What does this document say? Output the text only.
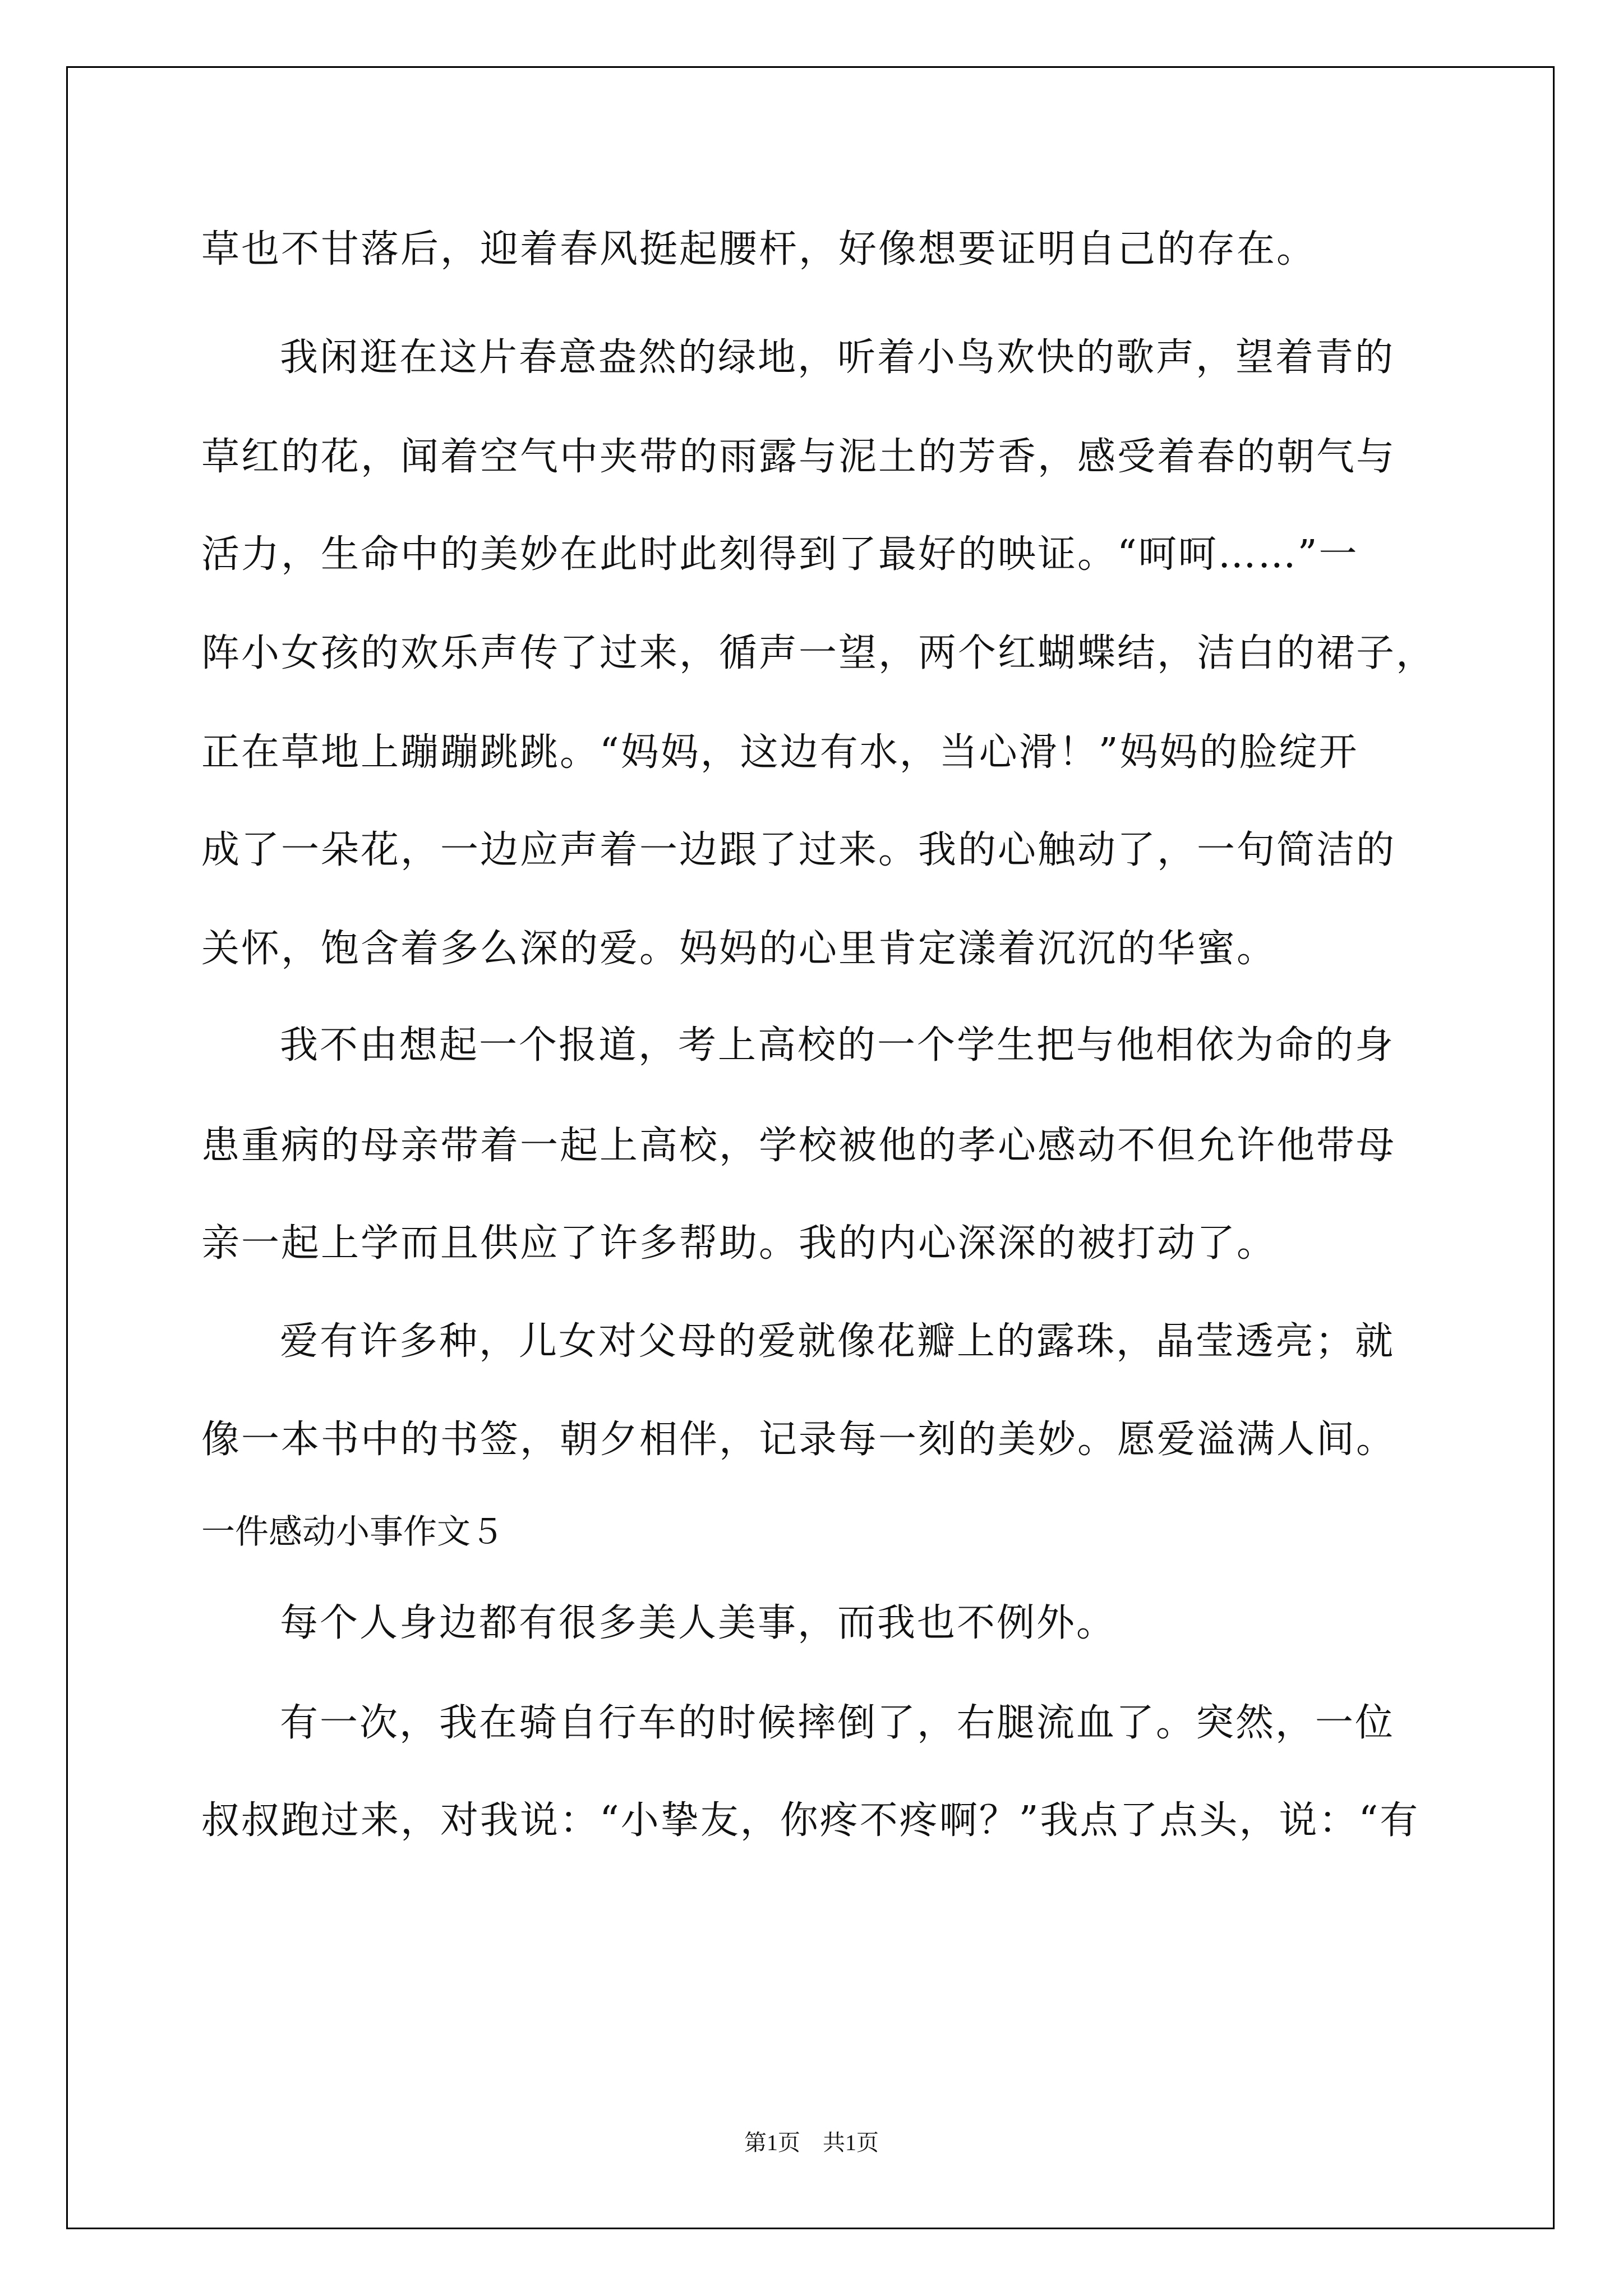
草也不甘落后，迎着春风挺起腰杆，好像想要证明自己的存在。
我闲逛在这片春意盎然的绿地，听着小鸟欢快的歌声，望着青的
草红的花，闻着空气中夹带的雨露与泥土的芳香，感受着春的朝气与
活力，生命中的美妙在此时此刻得到了最好的映证。“呵呵……”一
阵小女孩的欢乐声传了过来，循声一望，两个红蝴蝶结，洁白的裙子，
正在草地上蹦蹦跳跳。“妈妈，这边有水，当心滑！”妈妈的脸绽开
成了一朵花，一边应声着一边跟了过来。我的心触动了，一句简洁的
关怀，饱含着多么深的爱。妈妈的心里肯定漾着沉沉的华蜜。
我不由想起一个报道，考上高校的一个学生把与他相依为命的身
患重病的母亲带着一起上高校，学校被他的孝心感动不但允许他带母
亲一起上学而且供应了许多帮助。我的内心深深的被打动了。
爱有许多种，儿女对父母的爱就像花瓣上的露珠，晶莹透亮；就
像一本书中的书签，朝夕相伴，记录每一刻的美妙。愿爱溢满人间。
一件感动小事作文５
每个人身边都有很多美人美事，而我也不例外。
有一次，我在骑自行车的时候摔倒了，右腿流血了。突然，一位
叔叔跑过来，对我说：“小挚友，你疼不疼啊？”我点了点头，说：“有
第1页　共1页
